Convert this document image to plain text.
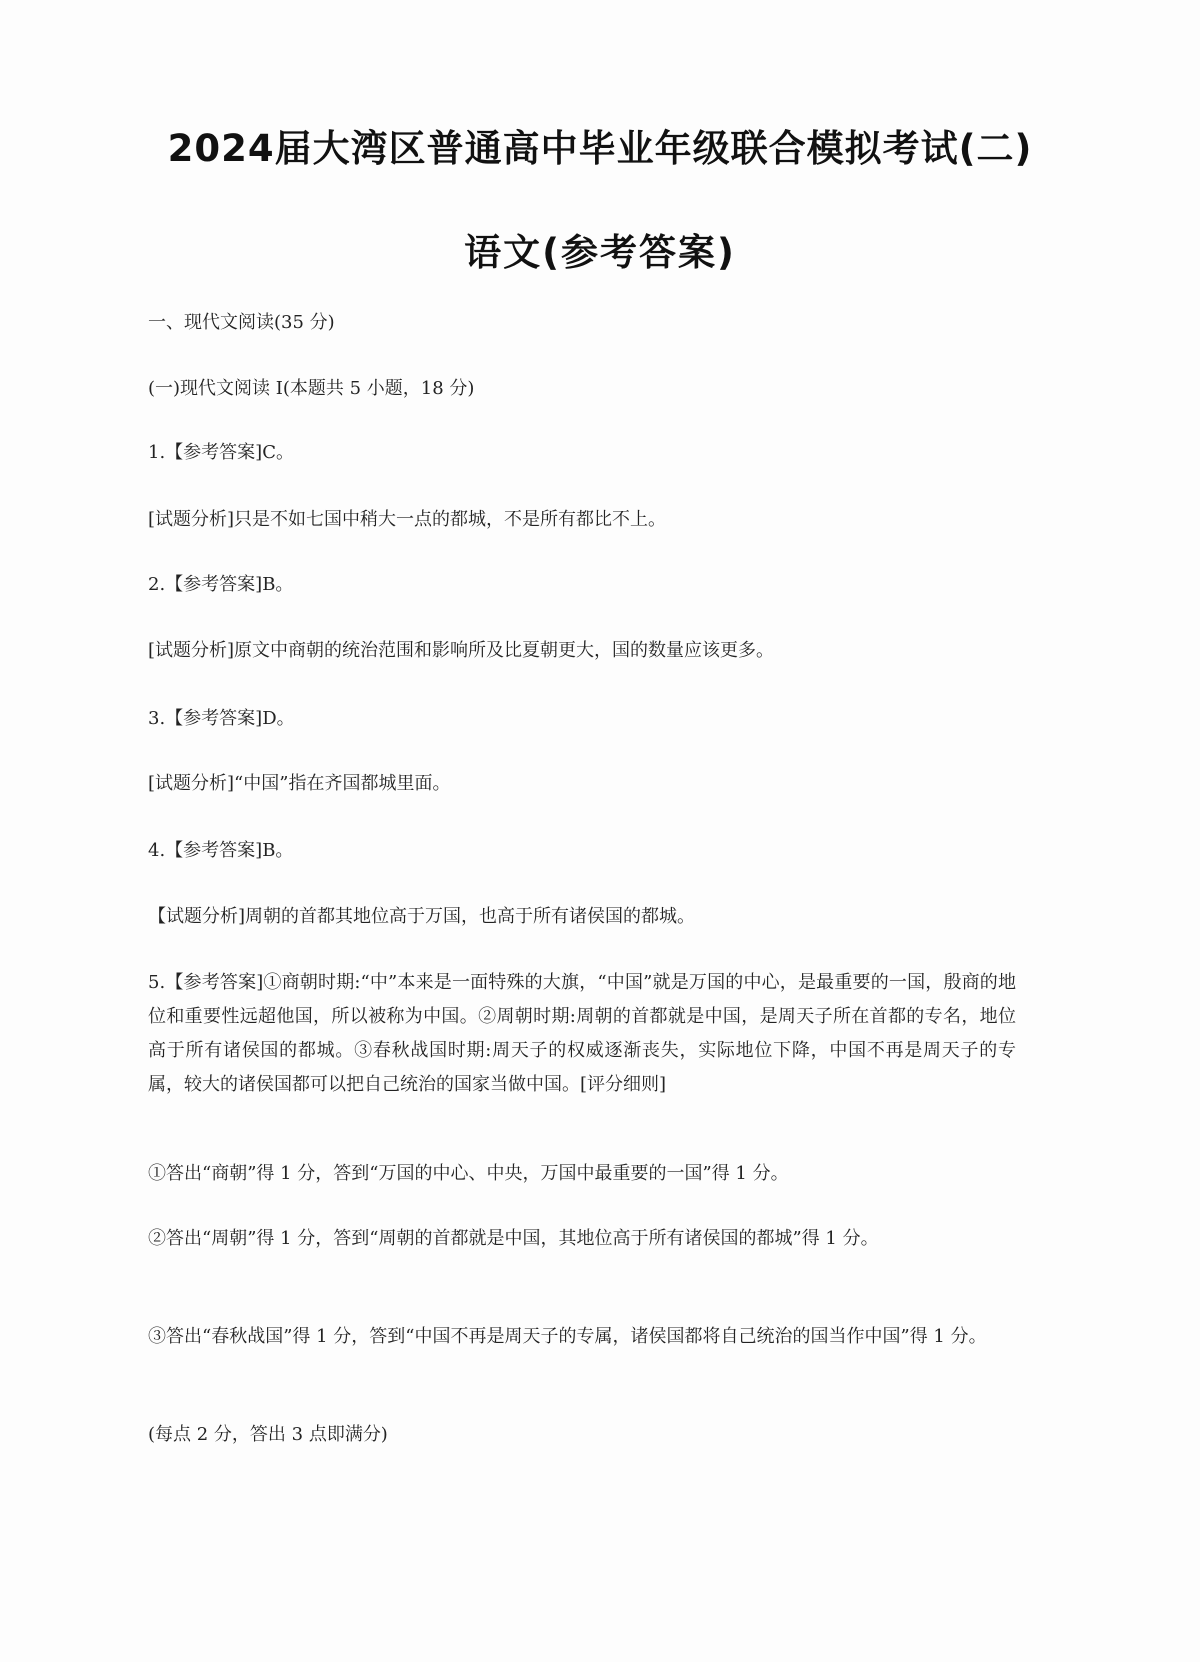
2024届大湾区普通高中毕业年级联合模拟考试(二)
语文(参考答案)

一、现代文阅读(35 分)

(一)现代文阅读 I(本题共 5 小题，18 分)

1.【参考答案]C。

[试题分析]只是不如七国中稍大一点的都城，不是所有都比不上。

2.【参考答案]B。

[试题分析]原文中商朝的统治范围和影响所及比夏朝更大，国的数量应该更多。

3.【参考答案]D。

[试题分析]“中国”指在齐国都城里面。

4.【参考答案]B。

【试题分析]周朝的首都其地位高于万国，也高于所有诸侯国的都城。

5.【参考答案]①商朝时期:“中”本来是一面特殊的大旗，“中国”就是万国的中心，是最重要的一国，殷商的地位和重要性远超他国，所以被称为中国。②周朝时期:周朝的首都就是中国，是周天子所在首都的专名，地位高于所有诸侯国的都城。③春秋战国时期:周天子的权威逐渐丧失，实际地位下降，中国不再是周天子的专属，较大的诸侯国都可以把自己统治的国家当做中国。[评分细则]

①答出“商朝”得 1 分，答到“万国的中心、中央，万国中最重要的一国”得 1 分。

②答出“周朝”得 1 分，答到“周朝的首都就是中国，其地位高于所有诸侯国的都城”得 1 分。

③答出“春秋战国”得 1 分，答到“中国不再是周天子的专属，诸侯国都将自己统治的国当作中国”得 1 分。

(每点 2 分，答出 3 点即满分)
